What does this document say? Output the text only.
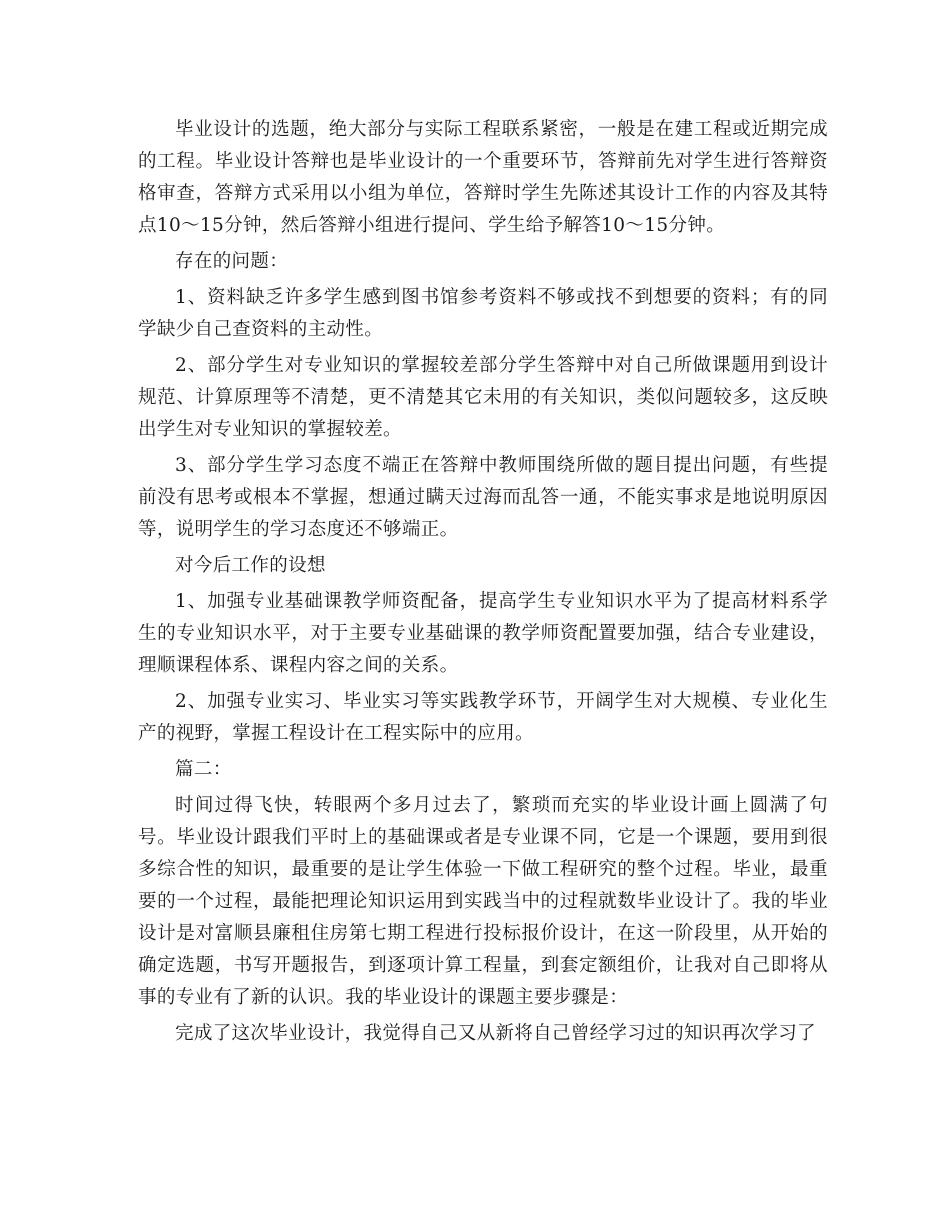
毕业设计的选题，绝大部分与实际工程联系紧密，一般是在建工程或近期完成的工程。毕业设计答辩也是毕业设计的一个重要环节，答辩前先对学生进行答辩资格审查，答辩方式采用以小组为单位，答辩时学生先陈述其设计工作的内容及其特点10～15分钟，然后答辩小组进行提问、学生给予解答10～15分钟。

存在的问题：

1、资料缺乏许多学生感到图书馆参考资料不够或找不到想要的资料；有的同学缺少自己查资料的主动性。

2、部分学生对专业知识的掌握较差部分学生答辩中对自己所做课题用到设计规范、计算原理等不清楚，更不清楚其它未用的有关知识，类似问题较多，这反映出学生对专业知识的掌握较差。

3、部分学生学习态度不端正在答辩中教师围绕所做的题目提出问题，有些提前没有思考或根本不掌握，想通过瞒天过海而乱答一通，不能实事求是地说明原因等，说明学生的学习态度还不够端正。

对今后工作的设想

1、加强专业基础课教学师资配备，提高学生专业知识水平为了提高材料系学生的专业知识水平，对于主要专业基础课的教学师资配置要加强，结合专业建设，理顺课程体系、课程内容之间的关系。

2、加强专业实习、毕业实习等实践教学环节，开阔学生对大规模、专业化生产的视野，掌握工程设计在工程实际中的应用。

篇二：

时间过得飞快，转眼两个多月过去了，繁琐而充实的毕业设计画上圆满了句号。毕业设计跟我们平时上的基础课或者是专业课不同，它是一个课题，要用到很多综合性的知识，最重要的是让学生体验一下做工程研究的整个过程。毕业，最重要的一个过程，最能把理论知识运用到实践当中的过程就数毕业设计了。我的毕业设计是对富顺县廉租住房第七期工程进行投标报价设计，在这一阶段里，从开始的确定选题，书写开题报告，到逐项计算工程量，到套定额组价，让我对自己即将从事的专业有了新的认识。我的毕业设计的课题主要步骤是：

完成了这次毕业设计，我觉得自己又从新将自己曾经学习过的知识再次学习了
